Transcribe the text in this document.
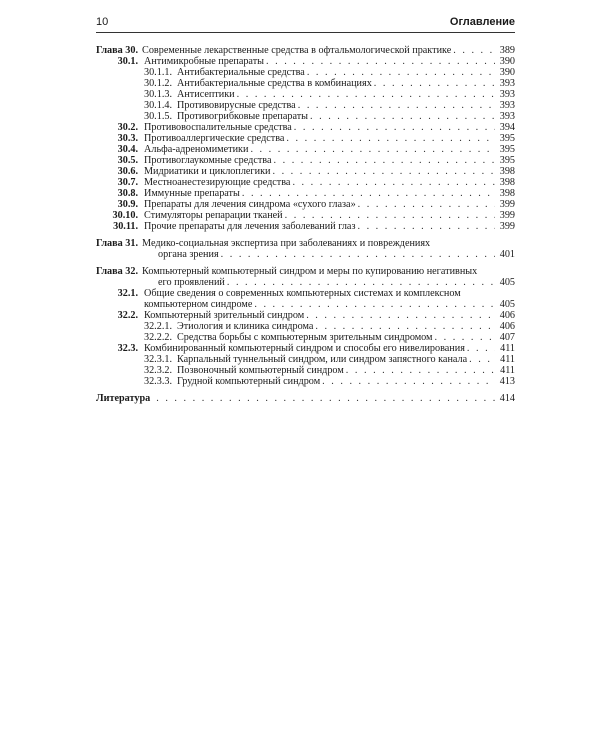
10	Оглавление
Глава 30. Современные лекарственные средства в офтальмологической практике . . .	389
30.1. Антимикробные препараты . . .	390
30.1.1. Антибактериальные средства . . .	390
30.1.2. Антибактериальные средства в комбинациях . . .	393
30.1.3. Антисептики . . .	393
30.1.4. Противовирусные средства . . .	393
30.1.5. Противогрибковые препараты . . .	393
30.2. Противовоспалительные средства . . .	394
30.3. Противоаллергические средства . . .	395
30.4. Альфа-адреномиметики . . .	395
30.5. Противоглаукомные средства . . .	395
30.6. Мидриатики и циклоплегики . . .	398
30.7. Местноанестезирующие средства . . .	398
30.8. Иммунные препараты . . .	398
30.9. Препараты для лечения синдрома «сухого глаза» . . .	399
30.10. Стимуляторы репарации тканей . . .	399
30.11. Прочие препараты для лечения заболеваний глаз . . .	399
Глава 31. Медико-социальная экспертиза при заболеваниях и повреждениях
органа зрения . . .	401
Глава 32. Компьютерный компьютерный синдром и меры по купированию негативных
его проявлений . . .	405
32.1. Общие сведения о современных компьютерных системах и комплексном
компьютерном синдроме . . .	405
32.2. Компьютерный зрительный синдром . . .	406
32.2.1. Этиология и клиника синдрома . . .	406
32.2.2. Средства борьбы с компьютерным зрительным синдромом . . .	407
32.3. Комбинированный компьютерный синдром и способы его нивелирования . . .	411
32.3.1. Карпальный туннельный синдром, или синдром запястного канала . . .	411
32.3.2. Позвоночный компьютерный синдром . . .	411
32.3.3. Грудной компьютерный синдром . . .	413
Литература . . .	414
